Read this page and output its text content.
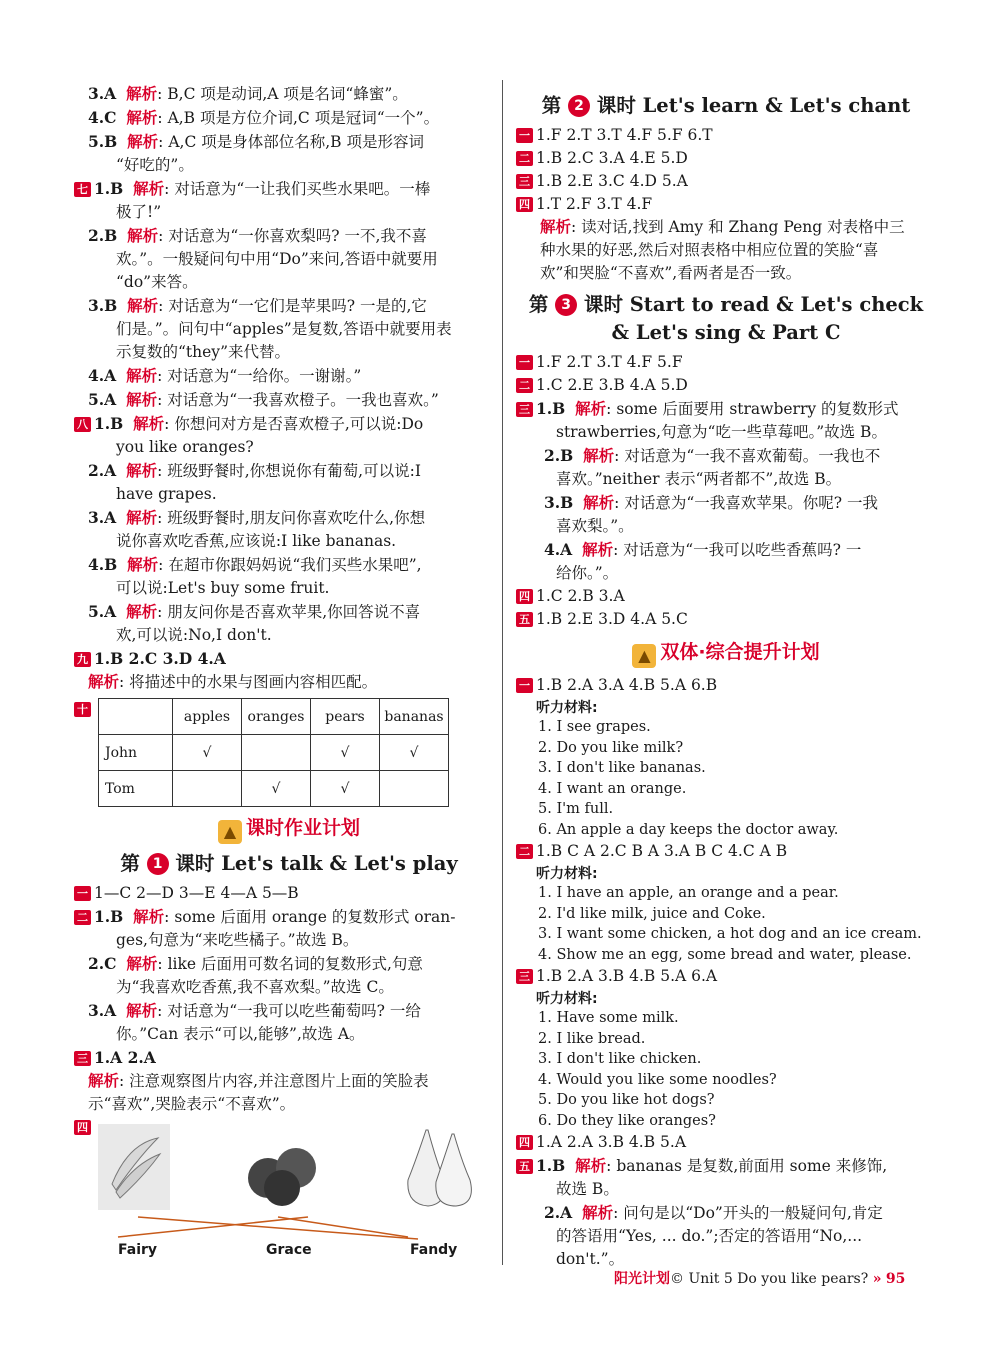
3.A 解析: B,C 项是动词,A 项是名词“蜂蜜”。
4.C 解析: A,B 项是方位介词,C 项是冠词“一个”。
5.B 解析: A,C 项是身体部位名称,B 项是形容词
“好吃的”。
七 1.B 解析: 对话意为“一让我们买些水果吧。一棒
极了!”
2.B 解析: 对话意为“一你喜欢梨吗? 一不,我不喜
欢。”。一般疑问句中用“Do”来问,答语中就要用
“do”来答。
3.B 解析: 对话意为“一它们是苹果吗? 一是的,它
们是。”。问句中“apples”是复数,答语中就要用表
示复数的“they”来代替。
4.A 解析: 对话意为“一给你。一谢谢。”
5.A 解析: 对话意为“一我喜欢橙子。一我也喜欢。”
八 1.B 解析: 你想问对方是否喜欢橙子,可以说:Do
you like oranges?
2.A 解析: 班级野餐时,你想说你有葡萄,可以说:I
have grapes.
3.A 解析: 班级野餐时,朋友问你喜欢吃什么,你想
说你喜欢吃香蕉,应该说:I like bananas.
4.B 解析: 在超市你跟妈妈说“我们买些水果吧”,
可以说:Let's buy some fruit.
5.A 解析: 朋友问你是否喜欢苹果,你回答说不喜
欢,可以说:No,I don't.
九 1.B 2.C 3.D 4.A
解析: 将描述中的水果与图画内容相匹配。
十
		apples	oranges	pears	bananas
John	√		√	√
Tom		√	√	
▲ 课时作业计划
第 1 课时 Let's talk & Let's play
一 1—C 2—D 3—E 4—A 5—B
二 1.B 解析: some 后面用 orange 的复数形式 oran-
ges,句意为“来吃些橘子。”故选 B。
2.C 解析: like 后面用可数名词的复数形式,句意
为“我喜欢吃香蕉,我不喜欢梨。”故选 C。
3.A 解析: 对话意为“一我可以吃些葡萄吗? 一给
你。”Can 表示“可以,能够”,故选 A。
三 1.A 2.A
解析: 注意观察图片内容,并注意图片上面的笑脸表
示“喜欢”,哭脸表示“不喜欢”。
四
Fairy	Grace	Fandy
第 2 课时 Let's learn & Let's chant
一 1.F 2.T 3.T 4.F 5.F 6.T
二 1.B 2.C 3.A 4.E 5.D
三 1.B 2.E 3.C 4.D 5.A
四 1.T 2.F 3.T 4.F
解析: 读对话,找到 Amy 和 Zhang Peng 对表格中三
种水果的好恶,然后对照表格中相应位置的笑脸“喜
欢”和哭脸“不喜欢”,看两者是否一致。
第 3 课时 Start to read & Let's check
& Let's sing & Part C
一 1.F 2.T 3.T 4.F 5.F
二 1.C 2.E 3.B 4.A 5.D
三 1.B 解析: some 后面要用 strawberry 的复数形式
strawberries,句意为“吃一些草莓吧。”故选 B。
2.B 解析: 对话意为“一我不喜欢葡萄。一我也不
喜欢。”neither 表示“两者都不”,故选 B。
3.B 解析: 对话意为“一我喜欢苹果。你呢? 一我
喜欢梨。”。
4.A 解析: 对话意为“一我可以吃些香蕉吗? 一
给你。”。
四 1.C 2.B 3.A
五 1.B 2.E 3.D 4.A 5.C
▲ 双体·综合提升计划
一 1.B 2.A 3.A 4.B 5.A 6.B
听力材料:
1. I see grapes.
2. Do you like milk?
3. I don't like bananas.
4. I want an orange.
5. I'm full.
6. An apple a day keeps the doctor away.
二 1.B C A 2.C B A 3.A B C 4.C A B
听力材料:
1. I have an apple, an orange and a pear.
2. I'd like milk, juice and Coke.
3. I want some chicken, a hot dog and an ice cream.
4. Show me an egg, some bread and water, please.
三 1.B 2.A 3.B 4.B 5.A 6.A
听力材料:
1. Have some milk.
2. I like bread.
3. I don't like chicken.
4. Would you like some noodles?
5. Do you like hot dogs?
6. Do they like oranges?
四 1.A 2.A 3.B 4.B 5.A
五 1.B 解析: bananas 是复数,前面用 some 来修饰,
故选 B。
2.A 解析: 问句是以“Do”开头的一般疑问句,肯定
的答语用“Yes, ... do.”;否定的答语用“No,...
don't.”。
阳光计划© Unit 5 Do you like pears? » 95
